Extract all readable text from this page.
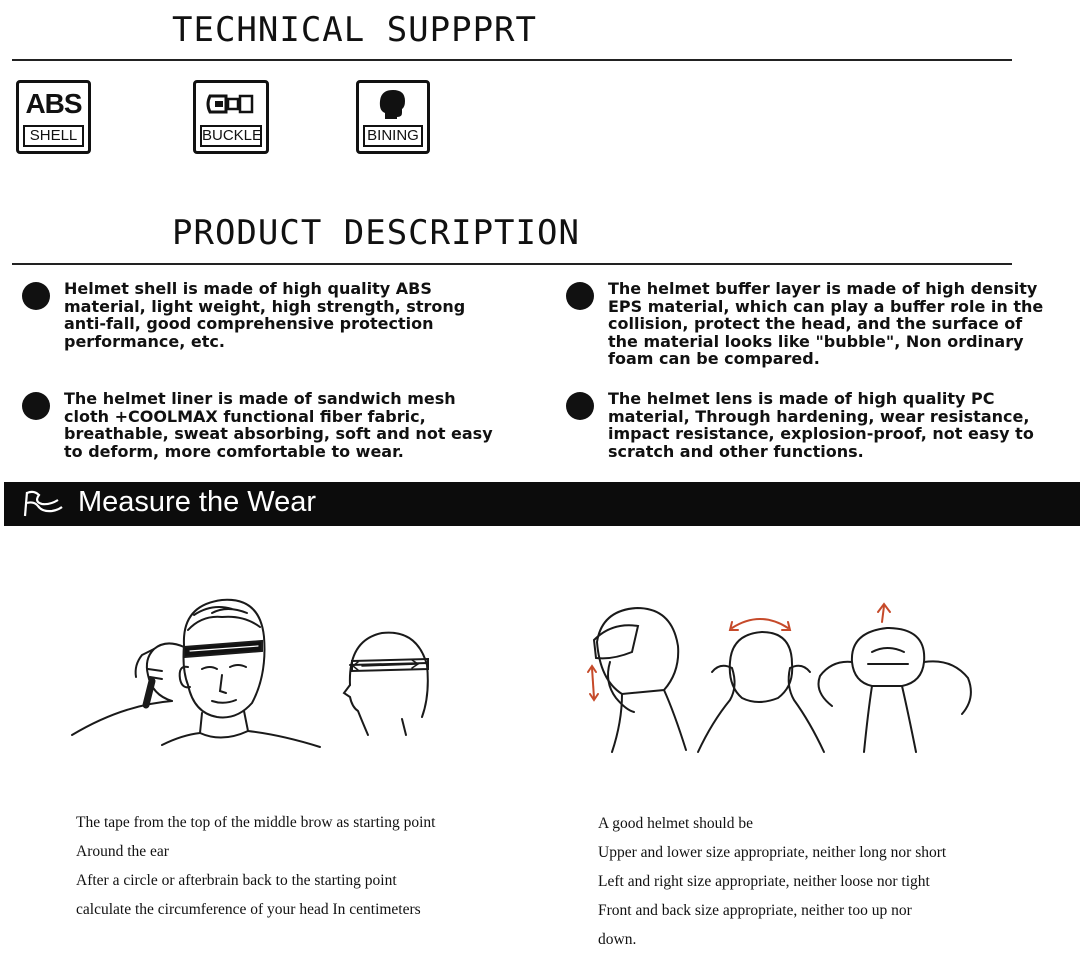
TECHNICAL SUPPPRT
ABS
SHELL	BUCKLE	BINING
PRODUCT DESCRIPTION
Helmet shell is made of high quality ABS
material, light weight, high strength, strong
anti-fall, good comprehensive protection
performance, etc.
The helmet buffer layer is made of high density
EPS material, which can play a buffer role in the
collision, protect the head, and the surface of
the material looks like "bubble", Non ordinary
foam can be compared.
The helmet liner is made of sandwich mesh
cloth +COOLMAX functional fiber fabric,
breathable, sweat absorbing, soft and not easy
to deform, more comfortable to wear.
The helmet lens is made of high quality PC
material, Through hardening, wear resistance,
impact resistance, explosion-proof, not easy to
scratch and other functions.
Measure the Wear
The tape from the top of the middle brow as starting point
Around the ear
After a circle or afterbrain back to the starting point
calculate the circumference of your head In centimeters
A good helmet should be
Upper and lower size appropriate, neither long nor short
Left and right size appropriate, neither loose nor tight
Front and back size appropriate, neither too up nor
down.
